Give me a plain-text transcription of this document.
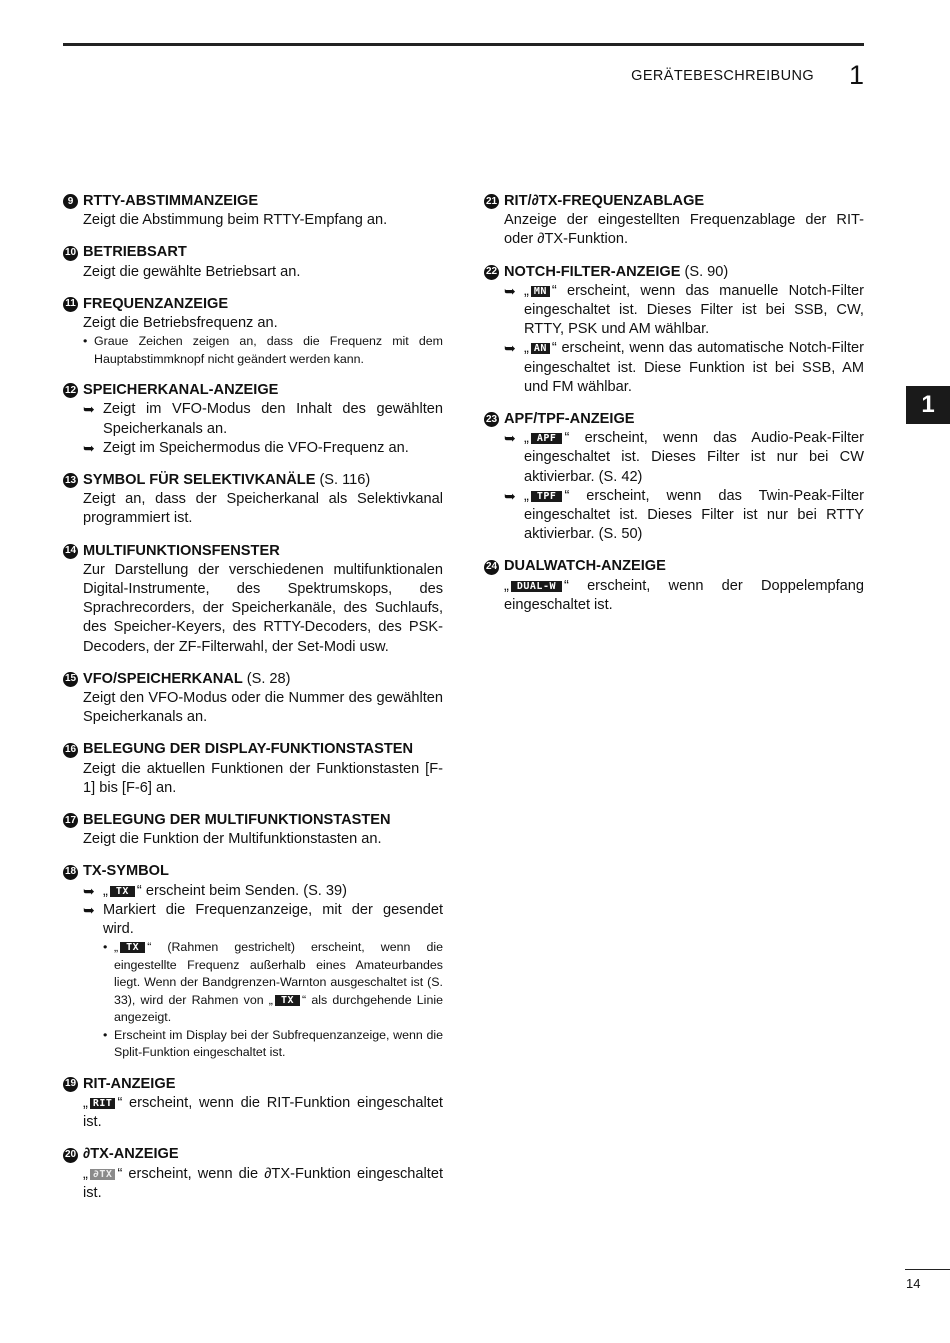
GERÄTEBESCHREIBUNG 1
1
9 RTTY-ABSTIMMANZEIGE
Zeigt die Abstimmung beim RTTY-Empfang an.
10 BETRIEBSART
Zeigt die gewählte Betriebsart an.
11 FREQUENZANZEIGE
Zeigt die Betriebsfrequenz an.
• Graue Zeichen zeigen an, dass die Frequenz mit dem Hauptabstimmknopf nicht geändert werden kann.
12 SPEICHERKANAL-ANZEIGE
➥ Zeigt im VFO-Modus den Inhalt des gewählten Speicherkanals an.
➥ Zeigt im Speichermodus die VFO-Frequenz an.
13 SYMBOL FÜR SELEKTIVKANÄLE (S. 116)
Zeigt an, dass der Speicherkanal als Selektivkanal programmiert ist.
14 MULTIFUNKTIONSFENSTER
Zur Darstellung der verschiedenen multifunktionalen Digital-Instrumente, des Spektrumskops, des Sprachrecorders, der Speicherkanäle, des Suchlaufs, des Speicher-Keyers, des RTTY-Decoders, des PSK-Decoders, der ZF-Filterwahl, der Set-Modi usw.
15 VFO/SPEICHERKANAL (S. 28)
Zeigt den VFO-Modus oder die Nummer des gewählten Speicherkanals an.
16 BELEGUNG DER DISPLAY-FUNKTIONSTASTEN
Zeigt die aktuellen Funktionen der Funktionstasten [F-1] bis [F-6] an.
17 BELEGUNG DER MULTIFUNKTIONSTASTEN
Zeigt die Funktion der Multifunktionstasten an.
18 TX-SYMBOL
➥ „ TX “ erscheint beim Senden. (S. 39)
➥ Markiert die Frequenzanzeige, mit der gesendet wird.
• „ TX “ (Rahmen gestrichelt) erscheint, wenn die eingestellte Frequenz außerhalb eines Amateurbandes liegt. Wenn der Bandgrenzen-Warnton ausgeschaltet ist (S. 33), wird der Rahmen von „ TX “ als durchgehende Linie angezeigt.
• Erscheint im Display bei der Subfrequenzanzeige, wenn die Split-Funktion eingeschaltet ist.
19 RIT-ANZEIGE
„ RIT “ erscheint, wenn die RIT-Funktion eingeschaltet ist.
20 ∂TX-ANZEIGE
„ ∂TX “ erscheint, wenn die ∂TX-Funktion eingeschaltet ist.
21 RIT/∂TX-FREQUENZABLAGE
Anzeige der eingestellten Frequenzablage der RIT- oder ∂TX-Funktion.
22 NOTCH-FILTER-ANZEIGE (S. 90)
➥ „ MN “ erscheint, wenn das manuelle Notch-Filter eingeschaltet ist. Dieses Filter ist bei SSB, CW, RTTY, PSK und AM wählbar.
➥ „ AN “ erscheint, wenn das automatische Notch-Filter eingeschaltet ist. Diese Funktion ist bei SSB, AM und FM wählbar.
23 APF/TPF-ANZEIGE
➥ „ APF “ erscheint, wenn das Audio-Peak-Filter eingeschaltet ist. Dieses Filter ist nur bei CW aktivierbar. (S. 42)
➥ „ TPF “ erscheint, wenn das Twin-Peak-Filter eingeschaltet ist. Dieses Filter ist nur bei RTTY aktivierbar. (S. 50)
24 DUALWATCH-ANZEIGE
„ DUAL-W “ erscheint, wenn der Doppelempfang eingeschaltet ist.
14
